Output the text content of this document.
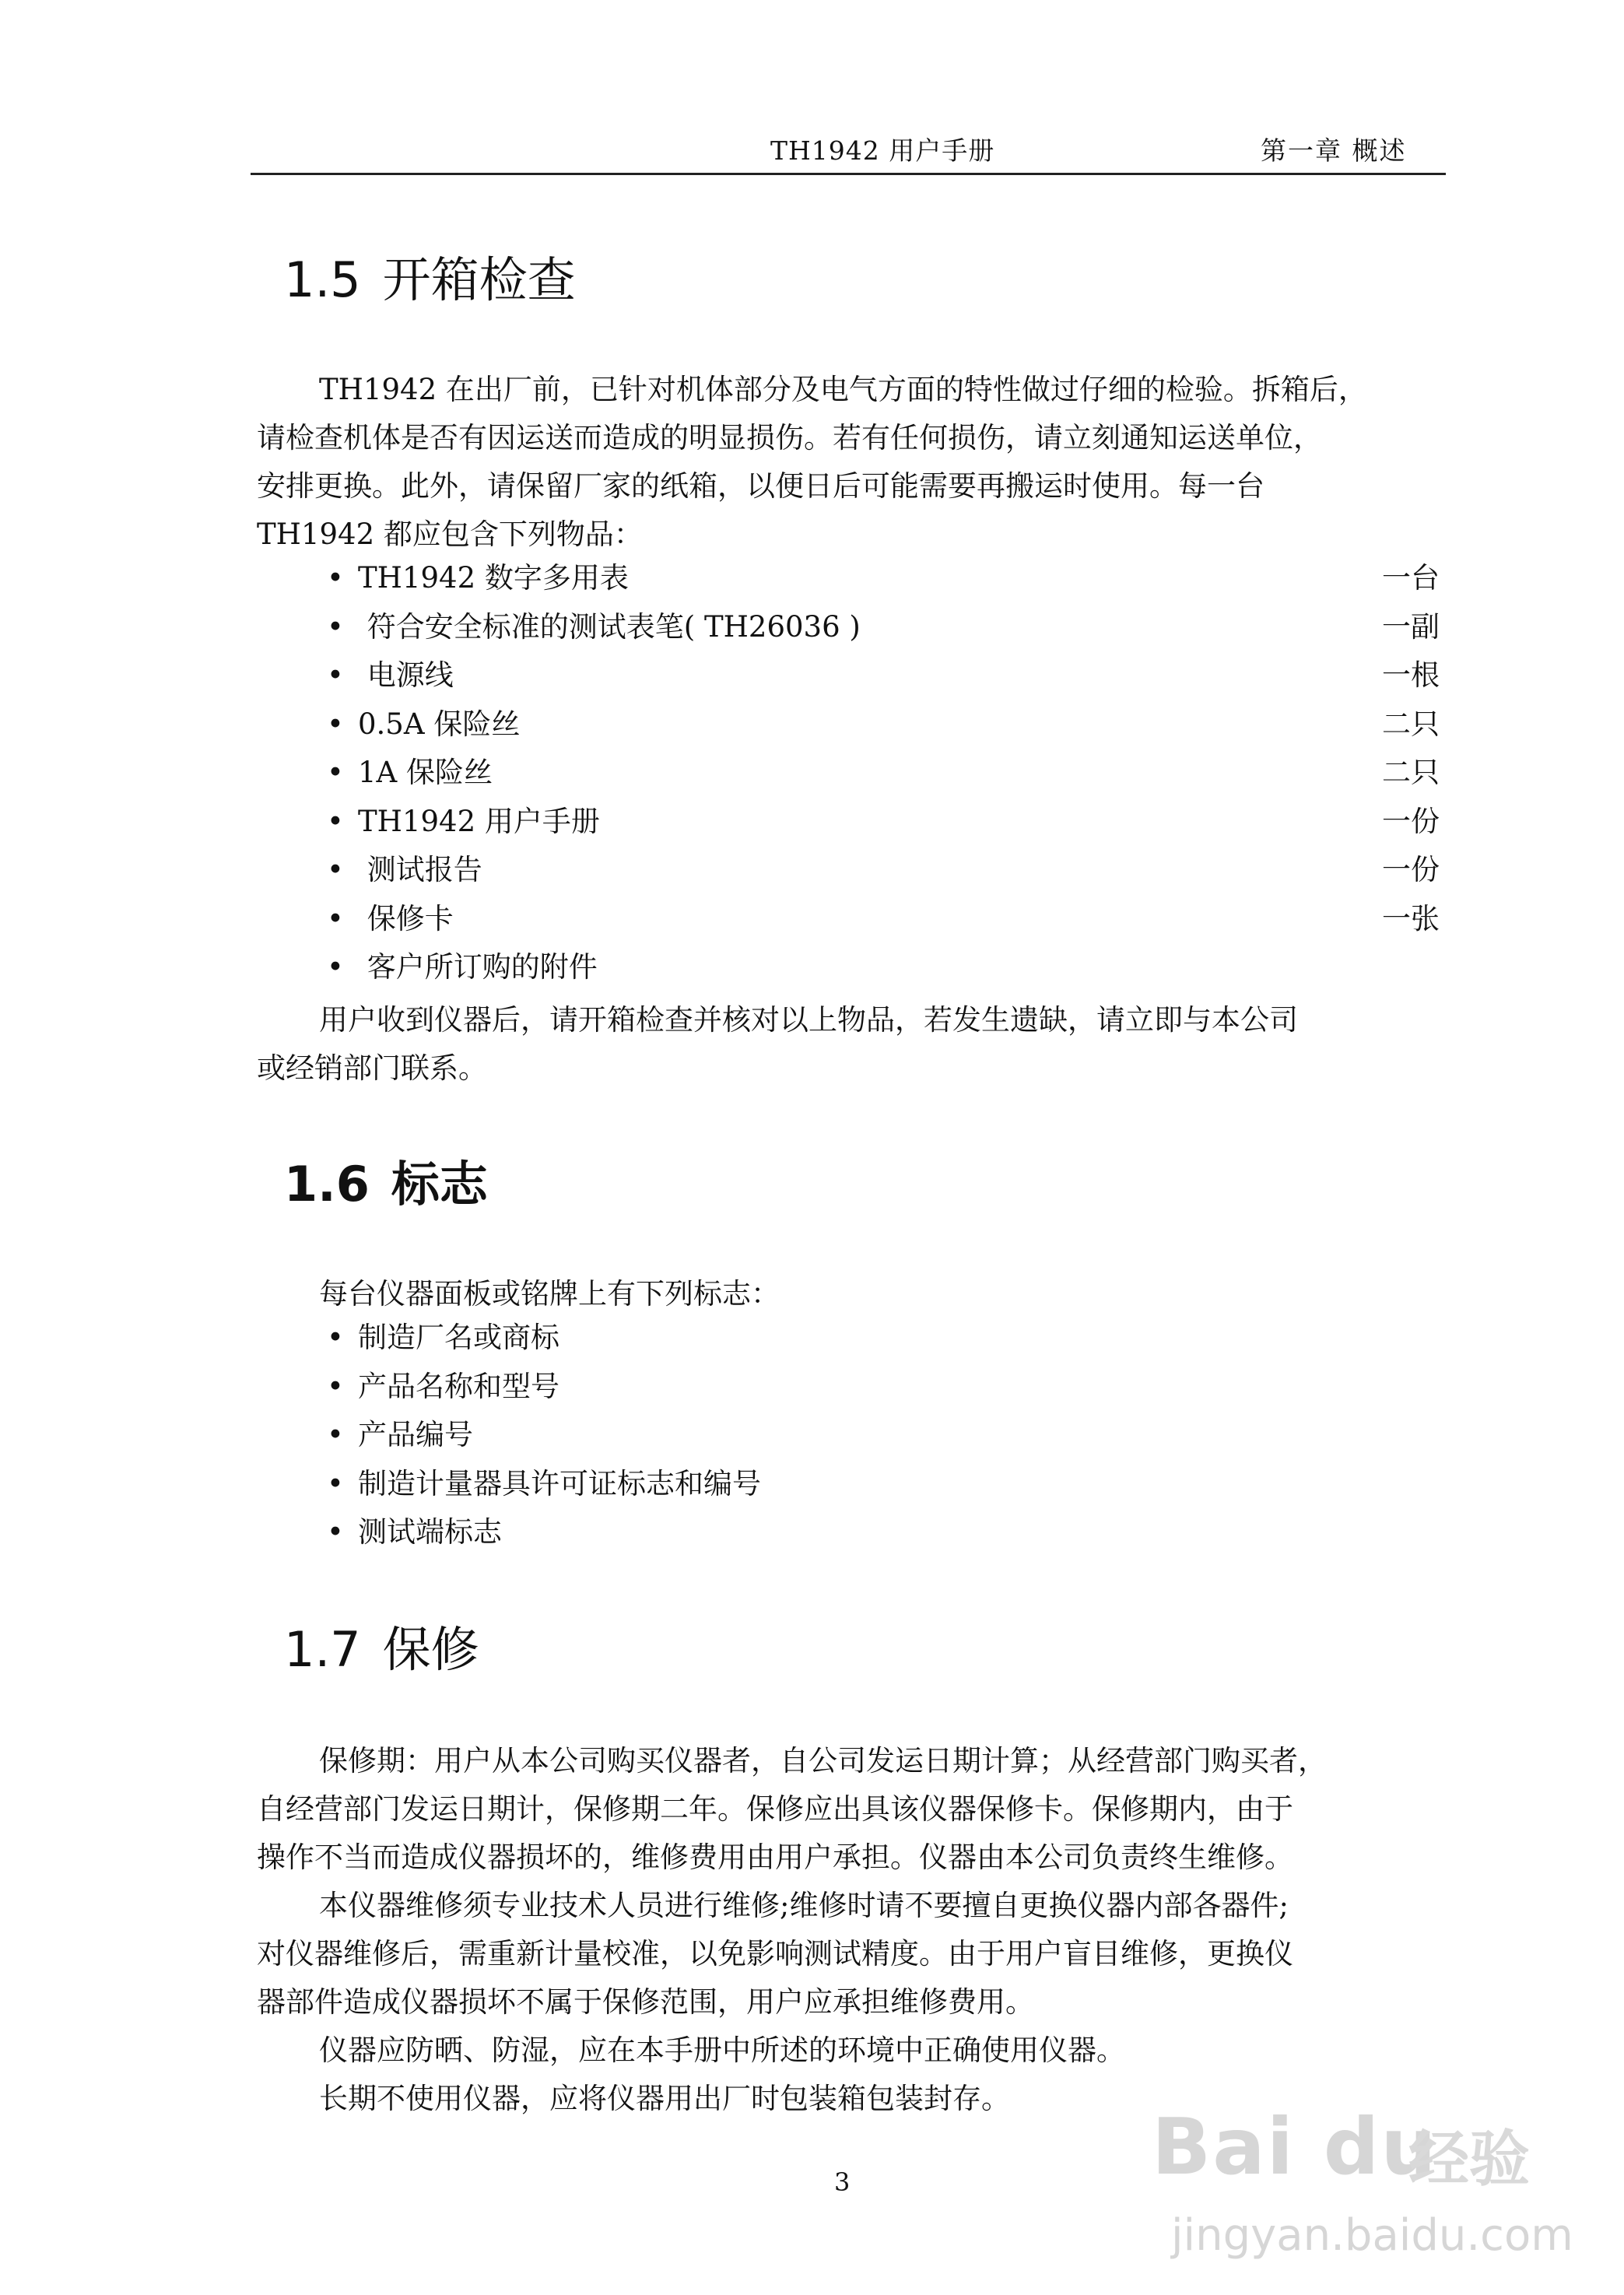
TH1942 用户手册	第一章 概述
1.5 开箱检查
TH1942 在出厂前，已针对机体部分及电气方面的特性做过仔细的检验。拆箱后，
请检查机体是否有因运送而造成的明显损伤。若有任何损伤，请立刻通知运送单位，
安排更换。此外，请保留厂家的纸箱，以便日后可能需要再搬运时使用。每一台
TH1942 都应包含下列物品：
• TH1942 数字多用表	一台
• 符合安全标准的测试表笔( TH26036 )	一副
• 电源线	一根
• 0.5A 保险丝	二只
• 1A 保险丝	二只
• TH1942 用户手册	一份
• 测试报告	一份
• 保修卡	一张
• 客户所订购的附件
用户收到仪器后，请开箱检查并核对以上物品，若发生遗缺，请立即与本公司
或经销部门联系。
1.6 标志
每台仪器面板或铭牌上有下列标志：
• 制造厂名或商标
• 产品名称和型号
• 产品编号
• 制造计量器具许可证标志和编号
• 测试端标志
1.7 保修
保修期：用户从本公司购买仪器者，自公司发运日期计算；从经营部门购买者，
自经营部门发运日期计，保修期二年。保修应出具该仪器保修卡。保修期内，由于
操作不当而造成仪器损坏的，维修费用由用户承担。仪器由本公司负责终生维修。
本仪器维修须专业技术人员进行维修;维修时请不要擅自更换仪器内部各器件;
对仪器维修后，需重新计量校准，以免影响测试精度。由于用户盲目维修，更换仪
器部件造成仪器损坏不属于保修范围，用户应承担维修费用。
仪器应防晒、防湿，应在本手册中所述的环境中正确使用仪器。
长期不使用仪器，应将仪器用出厂时包装箱包装封存。
3	Bai du
经验
jingyan.baidu.com
